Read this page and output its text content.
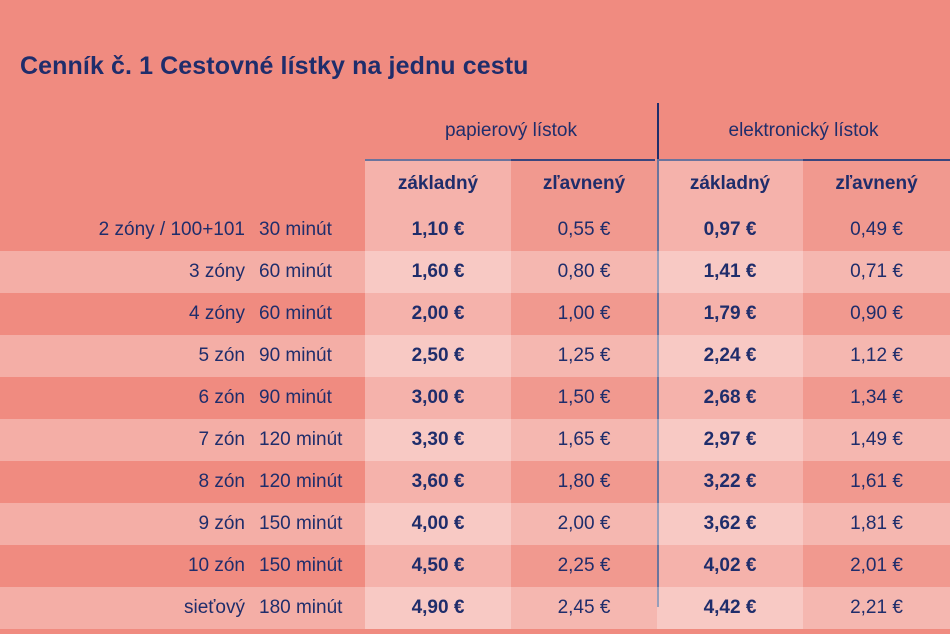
Cenník č. 1 Cestovné lístky na jednu cestu
papierový lístok	elektronický lístok
základný	zľavnený	základný	zľavnený
2 zóny / 100+101 30 minút	1,10 €	0,55 €	0,97 €	0,49 €
3 zóny 60 minút	1,60 €	0,80 €	1,41 €	0,71 €
4 zóny 60 minút	2,00 €	1,00 €	1,79 €	0,90 €
5 zón 90 minút	2,50 €	1,25 €	2,24 €	1,12 €
6 zón 90 minút	3,00 €	1,50 €	2,68 €	1,34 €
7 zón 120 minút	3,30 €	1,65 €	2,97 €	1,49 €
8 zón 120 minút	3,60 €	1,80 €	3,22 €	1,61 €
9 zón 150 minút	4,00 €	2,00 €	3,62 €	1,81 €
10 zón 150 minút	4,50 €	2,25 €	4,02 €	2,01 €
sieťový 180 minút	4,90 €	2,45 €	4,42 €	2,21 €
